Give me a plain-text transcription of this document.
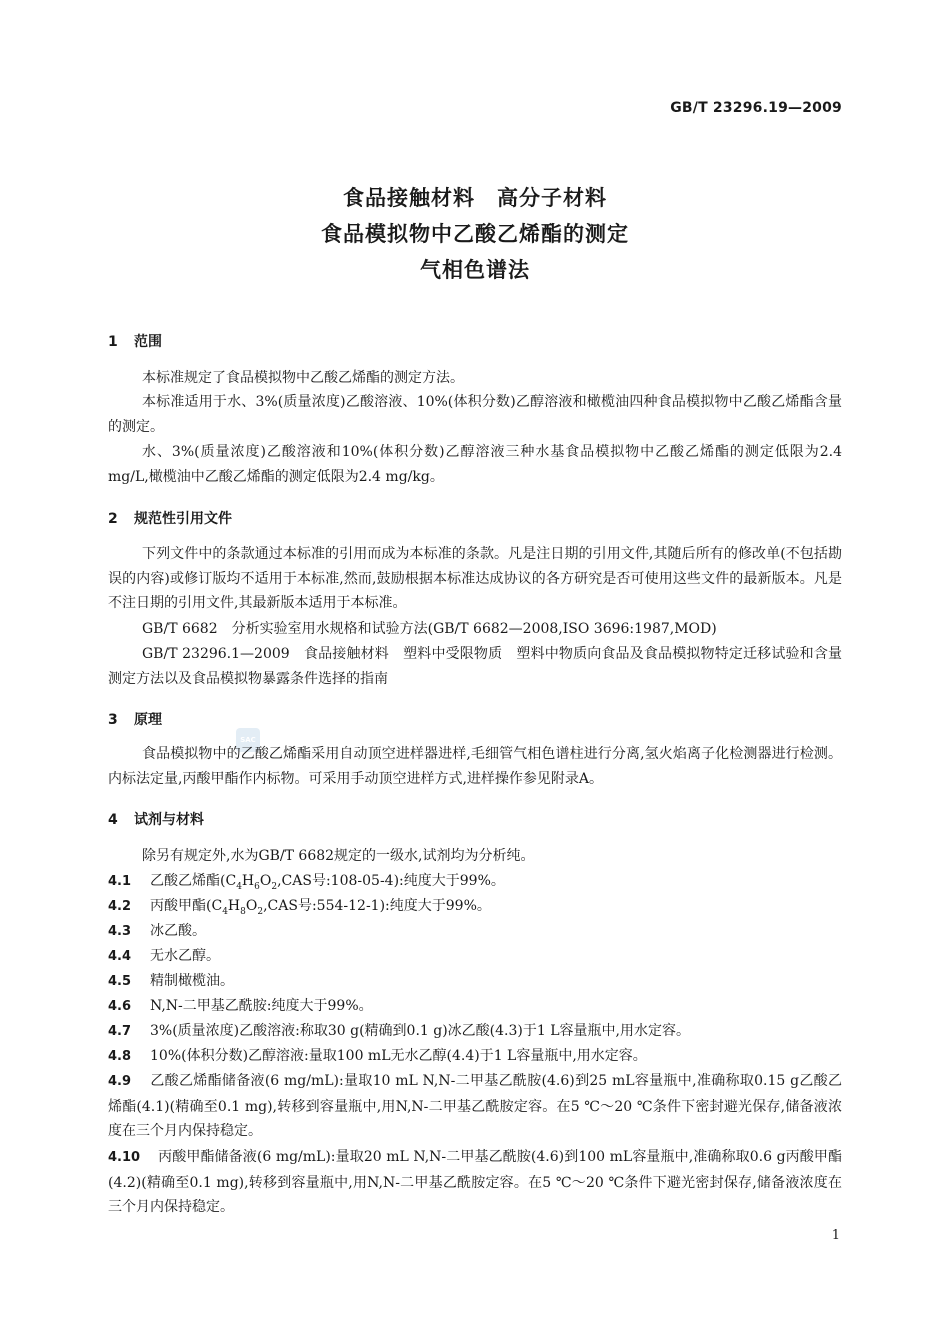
GB/T 23296.19—2009
食品接触材料 高分子材料
食品模拟物中乙酸乙烯酯的测定
气相色谱法
1 范围
本标准规定了食品模拟物中乙酸乙烯酯的测定方法。
本标准适用于水、3%(质量浓度)乙酸溶液、10%(体积分数)乙醇溶液和橄榄油四种食品模拟物中乙酸乙烯酯含量的测定。
水、3%(质量浓度)乙酸溶液和10%(体积分数)乙醇溶液三种水基食品模拟物中乙酸乙烯酯的测定低限为2.4 mg/L,橄榄油中乙酸乙烯酯的测定低限为2.4 mg/kg。
2 规范性引用文件
下列文件中的条款通过本标准的引用而成为本标准的条款。凡是注日期的引用文件,其随后所有的修改单(不包括勘误的内容)或修订版均不适用于本标准,然而,鼓励根据本标准达成协议的各方研究是否可使用这些文件的最新版本。凡是不注日期的引用文件,其最新版本适用于本标准。
GB/T 6682　分析实验室用水规格和试验方法(GB/T 6682—2008,ISO 3696:1987,MOD)
GB/T 23296.1—2009　食品接触材料　塑料中受限物质　塑料中物质向食品及食品模拟物特定迁移试验和含量测定方法以及食品模拟物暴露条件选择的指南
3 原理
SAC
食品模拟物中的乙酸乙烯酯采用自动顶空进样器进样,毛细管气相色谱柱进行分离,氢火焰离子化检测器进行检测。内标法定量,丙酸甲酯作内标物。可采用手动顶空进样方式,进样操作参见附录A。
4 试剂与材料
除另有规定外,水为GB/T 6682规定的一级水,试剂均为分析纯。
4.1 乙酸乙烯酯($C_4H_6O_2,CAS$号:108-05-4):纯度大于99%。
4.2 丙酸甲酯($C_4H_8O_2,CAS$号:554-12-1):纯度大于99%。
4.3 冰乙酸。
4.4 无水乙醇。
4.5 精制橄榄油。
4.6 N,N-二甲基乙酰胺:纯度大于99%。
4.7 3%(质量浓度)乙酸溶液:称取30 g(精确到0.1 g)冰乙酸(4.3)于1 L容量瓶中,用水定容。
4.8 10%(体积分数)乙醇溶液:量取100 mL无水乙醇(4.4)于1 L容量瓶中,用水定容。
4.9 乙酸乙烯酯储备液(6 mg/mL):量取10 mL N,N-二甲基乙酰胺(4.6)到25 mL容量瓶中,准确称取0.15 g乙酸乙烯酯(4.1)(精确至0.1 mg),转移到容量瓶中,用N,N-二甲基乙酰胺定容。在5 ℃～20 ℃条件下密封避光保存,储备液浓度在三个月内保持稳定。
4.10 丙酸甲酯储备液(6 mg/mL):量取20 mL N,N-二甲基乙酰胺(4.6)到100 mL容量瓶中,准确称取0.6 g丙酸甲酯(4.2)(精确至0.1 mg),转移到容量瓶中,用N,N-二甲基乙酰胺定容。在5 ℃～20 ℃条件下避光密封保存,储备液浓度在三个月内保持稳定。
1
